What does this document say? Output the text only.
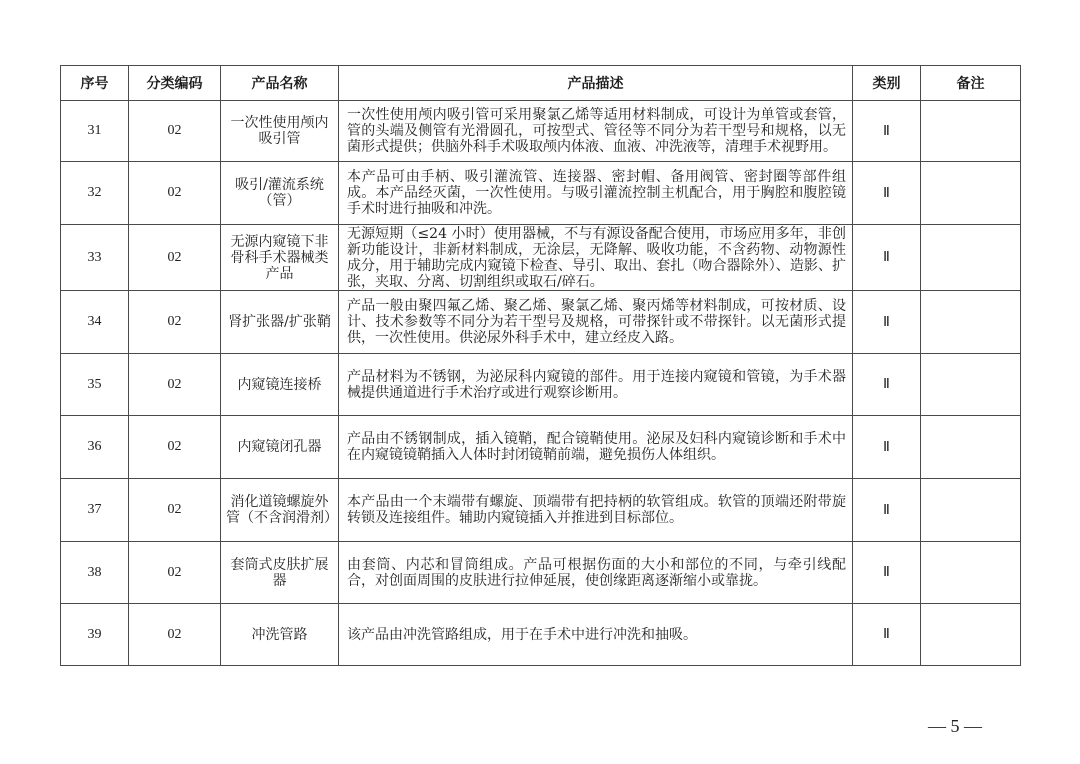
序号	分类编码	产品名称	产品描述	类别	备注
31	02	一次性使用颅内吸引管	一次性使用颅内吸引管可采用聚氯乙烯等适用材料制成，可设计为单管或套管，管的头端及侧管有光滑圆孔，可按型式、管径等不同分为若干型号和规格，以无菌形式提供；供脑外科手术吸取颅内体液、血液、冲洗液等，清理手术视野用。	Ⅱ	
32	02	吸引/灌流系统（管）	本产品可由手柄、吸引灌流管、连接器、密封帽、备用阀管、密封圈等部件组成。本产品经灭菌，一次性使用。与吸引灌流控制主机配合，用于胸腔和腹腔镜手术时进行抽吸和冲洗。	Ⅱ	
33	02	无源内窥镜下非骨科手术器械类产品	无源短期（≤24 小时）使用器械，不与有源设备配合使用，市场应用多年，非创新功能设计，非新材料制成，无涂层，无降解、吸收功能，不含药物、动物源性成分，用于辅助完成内窥镜下检查、导引、取出、套扎（吻合器除外）、造影、扩张，夹取、分离、切割组织或取石/碎石。	Ⅱ	
34	02	肾扩张器/扩张鞘	产品一般由聚四氟乙烯、聚乙烯、聚氯乙烯、聚丙烯等材料制成，可按材质、设计、技术参数等不同分为若干型号及规格，可带探针或不带探针。以无菌形式提供，一次性使用。供泌尿外科手术中，建立经皮入路。	Ⅱ	
35	02	内窥镜连接桥	产品材料为不锈钢，为泌尿科内窥镜的部件。用于连接内窥镜和管镜，为手术器械提供通道进行手术治疗或进行观察诊断用。	Ⅱ	
36	02	内窥镜闭孔器	产品由不锈钢制成，插入镜鞘，配合镜鞘使用。泌尿及妇科内窥镜诊断和手术中在内窥镜镜鞘插入人体时封闭镜鞘前端，避免损伤人体组织。	Ⅱ	
37	02	消化道镜螺旋外管（不含润滑剂）	本产品由一个末端带有螺旋、顶端带有把持柄的软管组成。软管的顶端还附带旋转锁及连接组件。辅助内窥镜插入并推进到目标部位。	Ⅱ	
38	02	套筒式皮肤扩展器	由套筒、内芯和冒筒组成。产品可根据伤面的大小和部位的不同，与牵引线配合，对创面周围的皮肤进行拉伸延展，使创缘距离逐渐缩小或靠拢。	Ⅱ	
39	02	冲洗管路	该产品由冲洗管路组成，用于在手术中进行冲洗和抽吸。	Ⅱ	
— 5 —
